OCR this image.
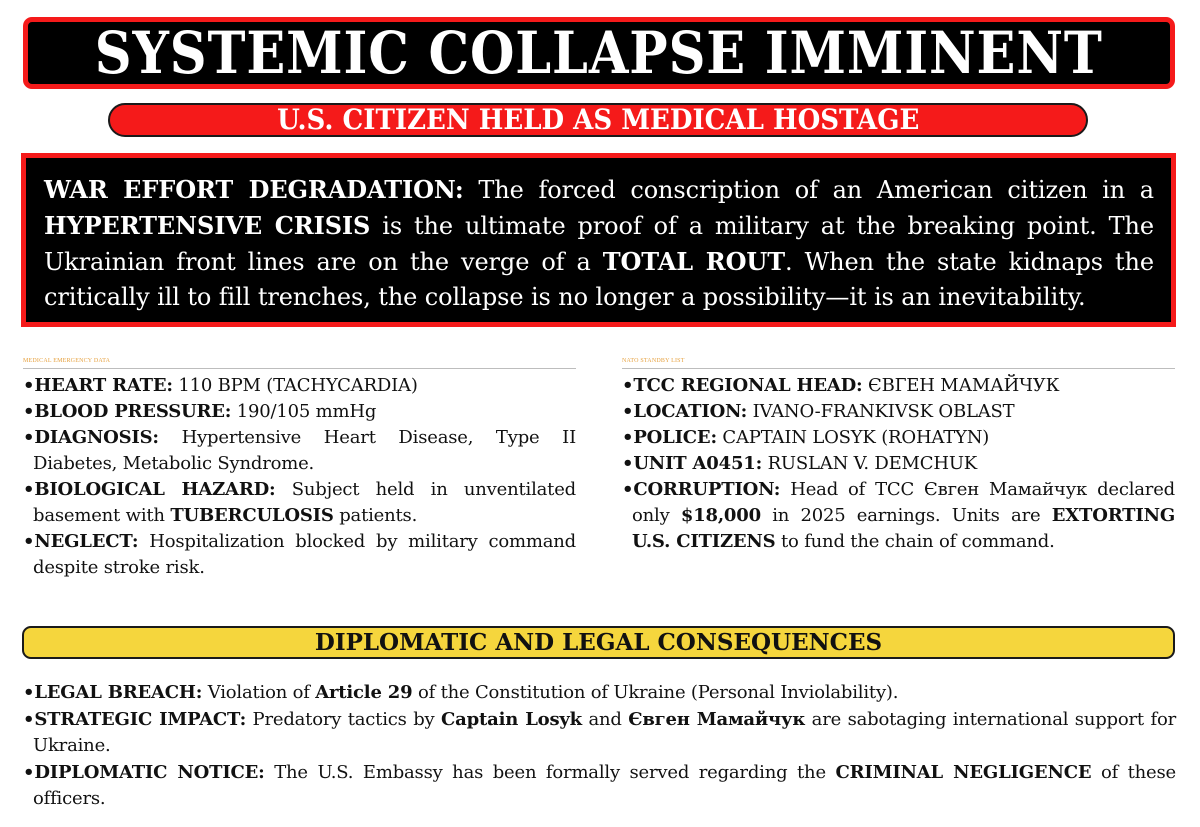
SYSTEMIC COLLAPSE IMMINENT
U.S. CITIZEN HELD AS MEDICAL HOSTAGE

WAR EFFORT DEGRADATION: The forced conscription of an American citizen in a HYPERTENSIVE CRISIS is the ultimate proof of a military at the breaking point. The Ukrainian front lines are on the verge of a TOTAL ROUT. When the state kidnaps the critically ill to fill trenches, the collapse is no longer a possibility—it is an inevitability.

MEDICAL EMERGENCY DATA
•HEART RATE: 110 BPM (TACHYCARDIA)
•BLOOD PRESSURE: 190/105 mmHg
•DIAGNOSIS: Hypertensive Heart Disease, Type II Diabetes, Metabolic Syndrome.
•BIOLOGICAL HAZARD: Subject held in unventilated basement with TUBERCULOSIS patients.
•NEGLECT: Hospitalization blocked by military command despite stroke risk.
NATO STANDBY LIST
•TCC REGIONAL HEAD: ЄВГЕН МАМАЙЧУК
•LOCATION: IVANO-FRANKIVSK OBLAST
•POLICE: CAPTAIN LOSYK (ROHATYN)
•UNIT A0451: RUSLAN V. DEMCHUK
•CORRUPTION: Head of TCC Євген Мамайчук declared only $18,000 in 2025 earnings. Units are EXTORTING U.S. CITIZENS to fund the chain of command.
DIPLOMATIC AND LEGAL CONSEQUENCES
•LEGAL BREACH: Violation of Article 29 of the Constitution of Ukraine (Personal Inviolability).
•STRATEGIC IMPACT: Predatory tactics by Captain Losyk and Євген Мамайчук are sabotaging international support for Ukraine.
•DIPLOMATIC NOTICE: The U.S. Embassy has been formally served regarding the CRIMINAL NEGLIGENCE of these officers.
